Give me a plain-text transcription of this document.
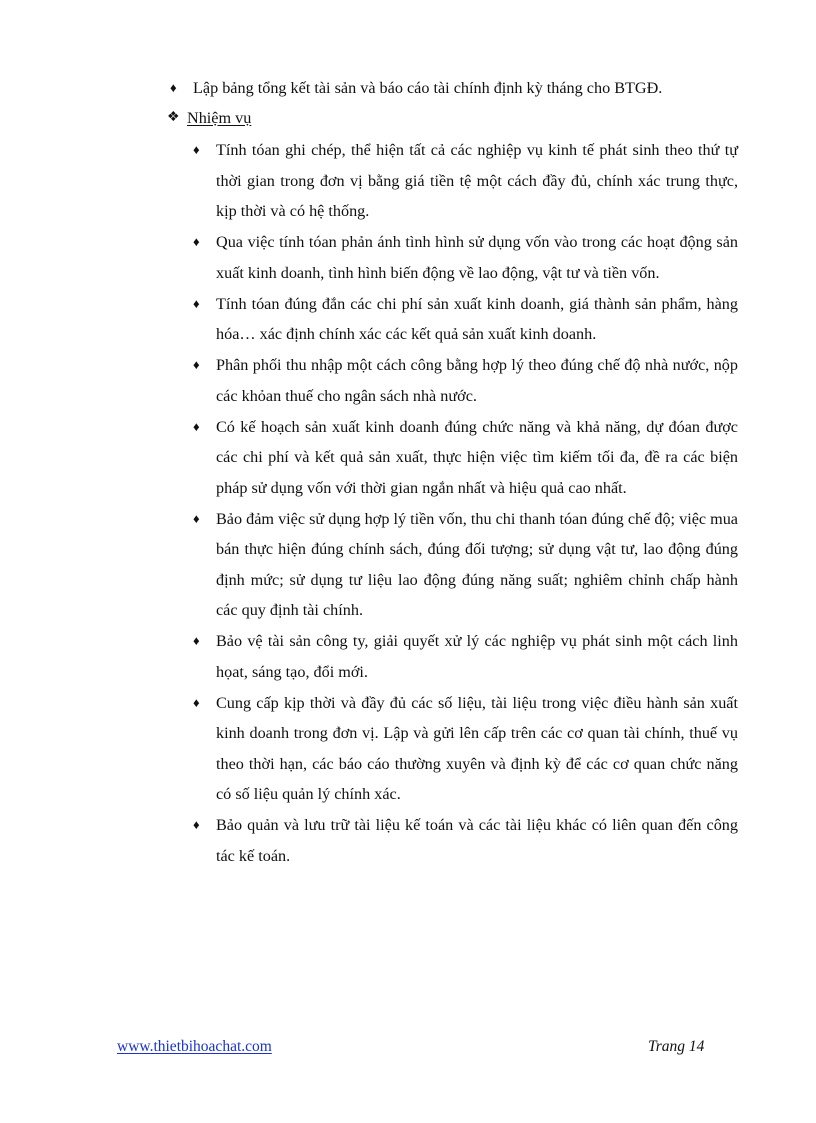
♦ Lập bảng tổng kết tài sản và báo cáo tài chính định kỳ tháng cho BTGĐ.
❖ Nhiệm vụ
♦ Tính tóan ghi chép, thể hiện tất cả các nghiệp vụ kinh tế phát sinh theo thứ tự thời gian trong đơn vị bằng giá tiền tệ một cách đầy đủ, chính xác trung thực, kịp thời và có hệ thống.
♦ Qua việc tính tóan phản ánh tình hình sử dụng vốn vào trong các hoạt động sản xuất kinh doanh, tình hình biến động về lao động, vật tư và tiền vốn.
♦ Tính tóan đúng đắn các chi phí sản xuất kinh doanh, giá thành sản phẩm, hàng hóa… xác định chính xác các kết quả sản xuất kinh doanh.
♦ Phân phối thu nhập một cách công bằng hợp lý theo đúng chế độ nhà nước, nộp các khỏan thuế cho ngân sách nhà nước.
♦ Có kế hoạch sản xuất kinh doanh đúng chức năng và khả năng, dự đóan được các chi phí và kết quả sản xuất, thực hiện việc tìm kiếm tối đa, đề ra các biện pháp sử dụng vốn với thời gian ngắn nhất và hiệu quả cao nhất.
♦ Bảo đảm việc sử dụng hợp lý tiền vốn, thu chi thanh tóan đúng chế độ; việc mua bán thực hiện đúng chính sách, đúng đối tượng; sử dụng vật tư, lao động đúng định mức; sử dụng tư liệu lao động đúng năng suất; nghiêm chỉnh chấp hành các quy định tài chính.
♦ Bảo vệ tài sản công ty, giải quyết xử lý các nghiệp vụ phát sinh một cách linh họat, sáng tạo, đổi mới.
♦ Cung cấp kịp thời và đầy đủ các số liệu, tài liệu trong việc điều hành sản xuất kinh doanh trong đơn vị. Lập và gửi lên cấp trên các cơ quan tài chính, thuế vụ theo thời hạn, các báo cáo thường xuyên và định kỳ để các cơ quan chức năng có số liệu quản lý chính xác.
♦ Bảo quản và lưu trữ tài liệu kế toán và các tài liệu khác có liên quan đến công tác kế toán.
www.thietbihoachat.com	Trang 14
